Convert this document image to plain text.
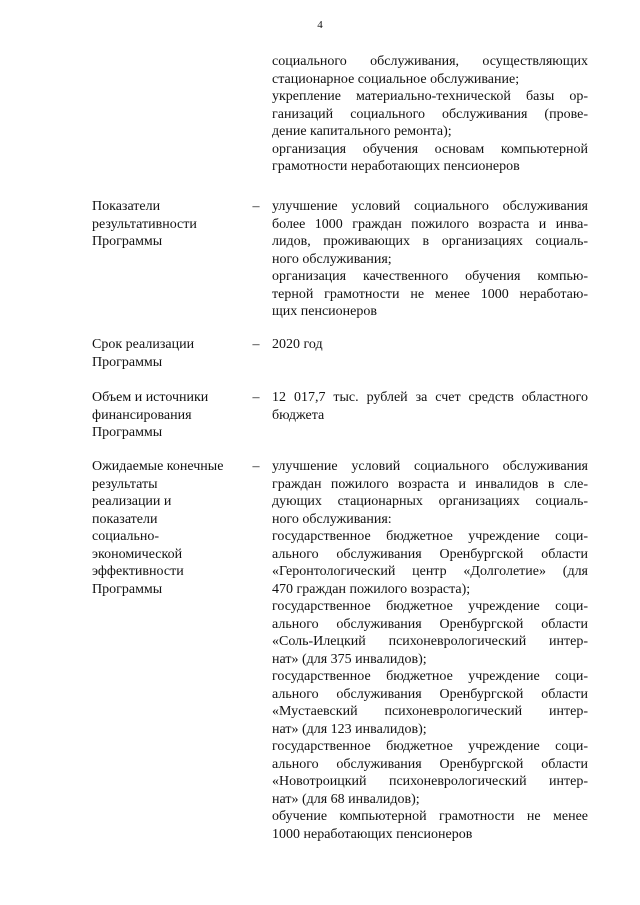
4
социального обслуживания, осуществляющих
стационарное социальное обслуживание;
укрепление материально-технической базы ор-
ганизаций социального обслуживания (прове-
дение капитального ремонта);
организация обучения основам компьютерной
грамотности неработающих пенсионеров
Показатели
результативности
Программы
– улучшение условий социального обслуживания
более 1000 граждан пожилого возраста и инва-
лидов, проживающих в организациях социаль-
ного обслуживания;
организация качественного обучения компью-
терной грамотности не менее 1000 неработаю-
щих пенсионеров
Срок реализации
Программы
– 2020 год
Объем и источники
финансирования
Программы
– 12 017,7 тыс. рублей за счет средств областного
бюджета
Ожидаемые конечные
результаты
реализации и
показатели
социально-
экономической
эффективности
Программы
– улучшение условий социального обслуживания
граждан пожилого возраста и инвалидов в сле-
дующих стационарных организациях социаль-
ного обслуживания:
государственное бюджетное учреждение соци-
ального обслуживания Оренбургской области
«Геронтологический центр «Долголетие» (для
470 граждан пожилого возраста);
государственное бюджетное учреждение соци-
ального обслуживания Оренбургской области
«Соль-Илецкий психоневрологический интер-
нат» (для 375 инвалидов);
государственное бюджетное учреждение соци-
ального обслуживания Оренбургской области
«Мустаевский психоневрологический интер-
нат» (для 123 инвалидов);
государственное бюджетное учреждение соци-
ального обслуживания Оренбургской области
«Новотроицкий психоневрологический интер-
нат» (для 68 инвалидов);
обучение компьютерной грамотности не менее
1000 неработающих пенсионеров
